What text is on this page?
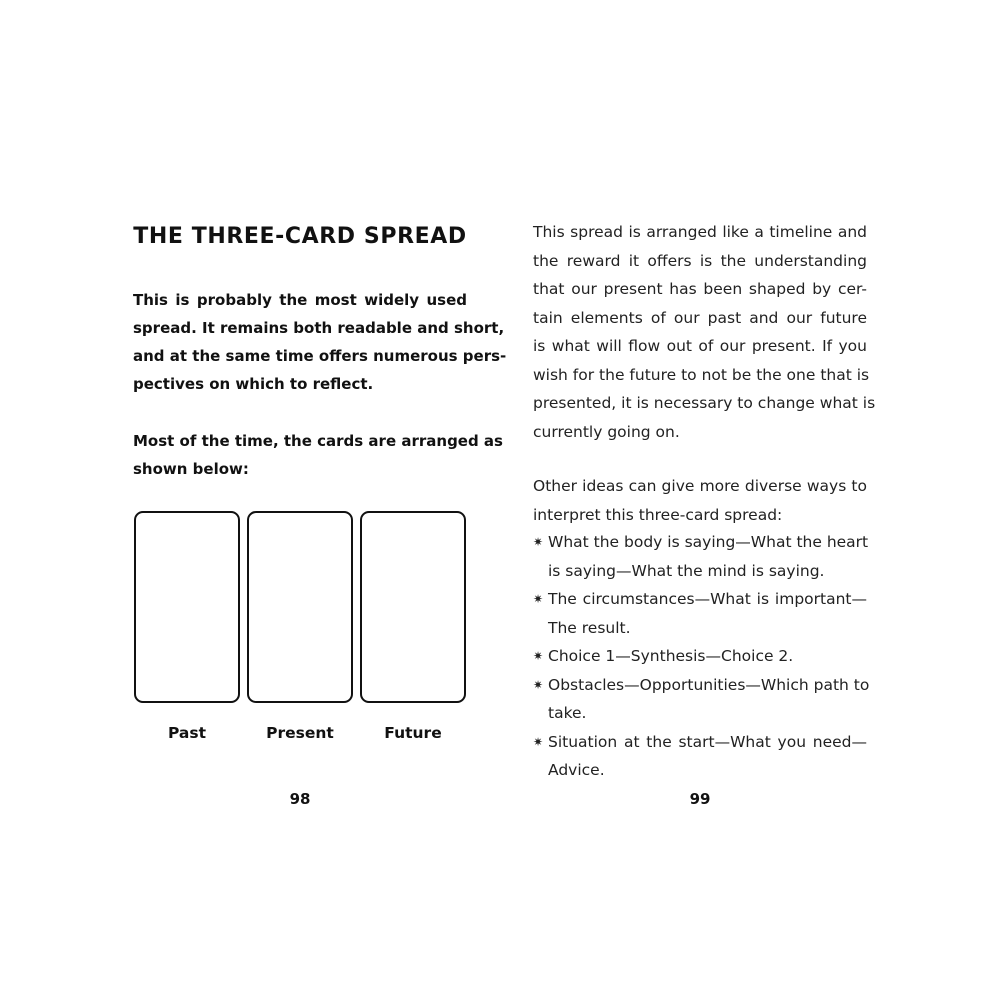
THE THREE-CARD SPREAD

This is probably the most widely used
spread. It remains both readable and short,
and at the same time offers numerous pers-
pectives on which to reflect.

Most of the time, the cards are arranged as
shown below:

Past	Present	Future
98
This spread is arranged like a timeline and
the reward it offers is the understanding
that our present has been shaped by cer-
tain elements of our past and our future
is what will flow out of our present. If you
wish for the future to not be the one that is
presented, it is necessary to change what is
currently going on.
Other ideas can give more diverse ways to
interpret this three-card spread:
✷ What the body is saying—What the heart
is saying—What the mind is saying.
✷ The circumstances—What is important—
The result.
✷ Choice 1—Synthesis—Choice 2.
✷ Obstacles—Opportunities—Which path to
take.
✷ Situation at the start—What you need—
Advice.
99
